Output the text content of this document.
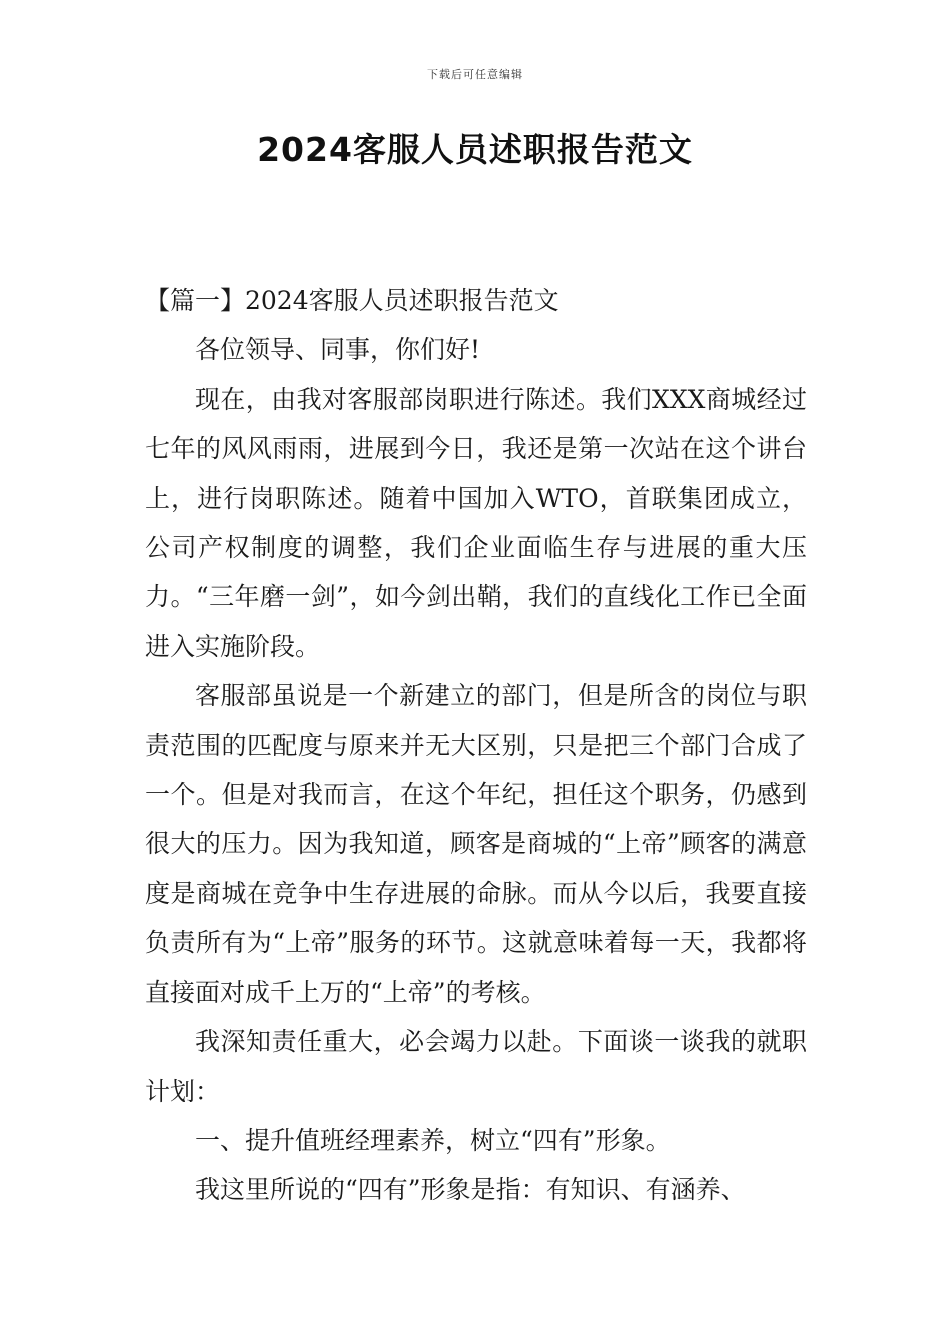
下载后可任意编辑
2024客服人员述职报告范文
【篇一】2024客服人员述职报告范文

各位领导、同事，你们好!

现在，由我对客服部岗职进行陈述。我们XXX商城经过七年的风风雨雨，进展到今日，我还是第一次站在这个讲台上，进行岗职陈述。随着中国加入WTO，首联集团成立，公司产权制度的调整，我们企业面临生存与进展的重大压力。“三年磨一剑”，如今剑出鞘，我们的直线化工作已全面进入实施阶段。

客服部虽说是一个新建立的部门，但是所含的岗位与职责范围的匹配度与原来并无大区别，只是把三个部门合成了一个。但是对我而言，在这个年纪，担任这个职务，仍感到很大的压力。因为我知道，顾客是商城的“上帝”顾客的满意度是商城在竞争中生存进展的命脉。而从今以后，我要直接负责所有为“上帝”服务的环节。这就意味着每一天，我都将直接面对成千上万的“上帝”的考核。

我深知责任重大，必会竭力以赴。下面谈一谈我的就职计划：

一、提升值班经理素养，树立“四有”形象。

我这里所说的“四有”形象是指：有知识、有涵养、
